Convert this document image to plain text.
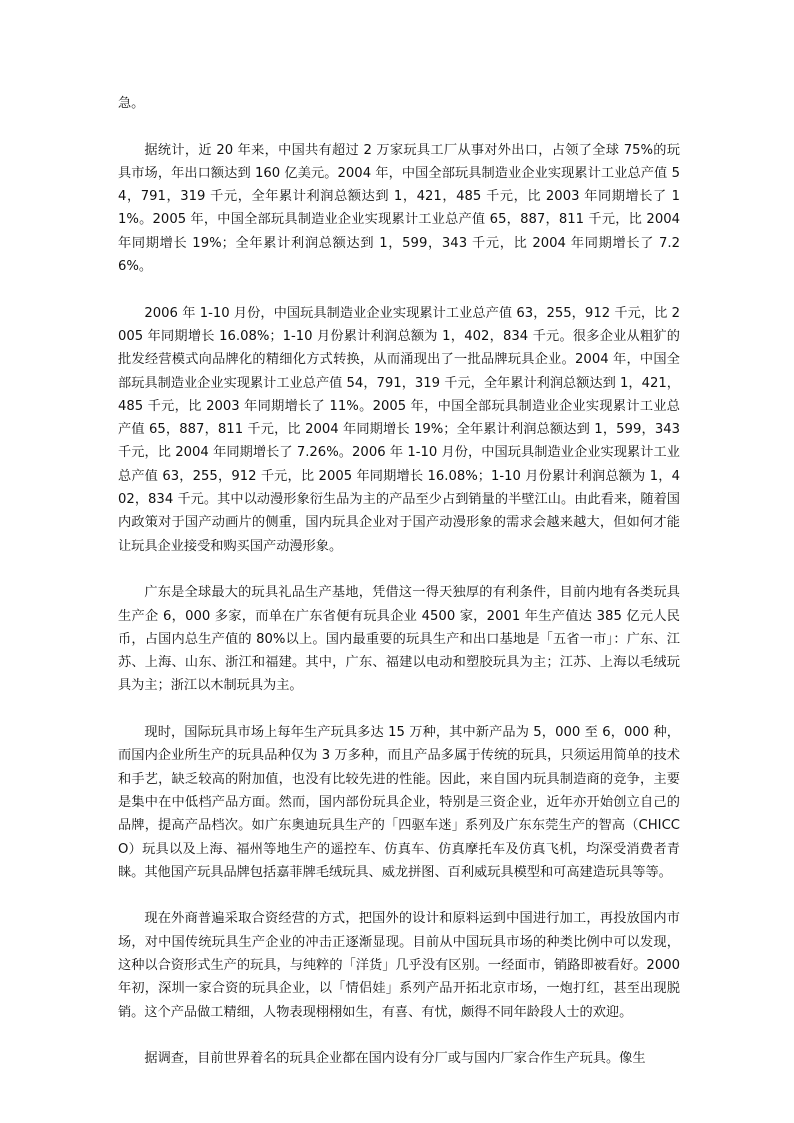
急。

据统计，近 20 年来，中国共有超过 2 万家玩具工厂从事对外出口，占领了全球 75%的玩具市场，年出口额达到 160 亿美元。2004 年，中国全部玩具制造业企业实现累计工业总产值 54，791，319 千元，全年累计利润总额达到 1，421，485 千元，比 2003 年同期增长了 11%。2005 年，中国全部玩具制造业企业实现累计工业总产值 65，887，811 千元，比 2004 年同期增长 19%；全年累计利润总额达到 1，599，343 千元，比 2004 年同期增长了 7.26%。

2006 年 1-10 月份，中国玩具制造业企业实现累计工业总产值 63，255，912 千元，比 2005 年同期增长 16.08%；1-10 月份累计利润总额为 1，402，834 千元。很多企业从粗犷的批发经营模式向品牌化的精细化方式转换，从而涌现出了一批品牌玩具企业。2004 年，中国全部玩具制造业企业实现累计工业总产值 54，791，319 千元，全年累计利润总额达到 1，421，485 千元，比 2003 年同期增长了 11%。2005 年，中国全部玩具制造业企业实现累计工业总产值 65，887，811 千元，比 2004 年同期增长 19%；全年累计利润总额达到 1，599，343 千元，比 2004 年同期增长了 7.26%。2006 年 1-10 月份，中国玩具制造业企业实现累计工业总产值 63，255，912 千元，比 2005 年同期增长 16.08%；1-10 月份累计利润总额为 1，402，834 千元。其中以动漫形象衍生品为主的产品至少占到销量的半壁江山。由此看来，随着国内政策对于国产动画片的侧重，国内玩具企业对于国产动漫形象的需求会越来越大，但如何才能让玩具企业接受和购买国产动漫形象。

广东是全球最大的玩具礼品生产基地，凭借这一得天独厚的有利条件，目前内地有各类玩具生产企 6，000 多家，而单在广东省便有玩具企业 4500 家，2001 年生产值达 385 亿元人民币，占国内总生产值的 80%以上。国内最重要的玩具生产和出口基地是「五省一市」：广东、江苏、上海、山东、浙江和福建。其中，广东、福建以电动和塑胶玩具为主；江苏、上海以毛绒玩具为主；浙江以木制玩具为主。

现时，国际玩具市场上每年生产玩具多达 15 万种，其中新产品为 5，000 至 6，000 种，而国内企业所生产的玩具品种仅为 3 万多种，而且产品多属于传统的玩具，只须运用简单的技术和手艺，缺乏较高的附加值，也没有比较先进的性能。因此，来自国内玩具制造商的竞争，主要是集中在中低档产品方面。然而，国内部份玩具企业，特别是三资企业，近年亦开始创立自己的品牌，提高产品档次。如广东奥迪玩具生产的「四驱车迷」系列及广东东莞生产的智高（CHICCO）玩具以及上海、福州等地生产的遥控车、仿真车、仿真摩托车及仿真飞机，均深受消费者青睐。其他国产玩具品牌包括嘉菲牌毛绒玩具、威龙拼图、百利威玩具模型和可高建造玩具等等。

现在外商普遍采取合资经营的方式，把国外的设计和原料运到中国进行加工，再投放国内市场，对中国传统玩具生产企业的冲击正逐渐显现。目前从中国玩具市场的种类比例中可以发现，这种以合资形式生产的玩具，与纯粹的「洋货」几乎没有区别。一经面市，销路即被看好。2000 年初，深圳一家合资的玩具企业，以「情侣娃」系列产品开拓北京市场，一炮打红，甚至出现脱销。这个产品做工精细，人物表现栩栩如生，有喜、有忧，颇得不同年龄段人士的欢迎。

据调查，目前世界着名的玩具企业都在国内设有分厂或与国内厂家合作生产玩具。像生
